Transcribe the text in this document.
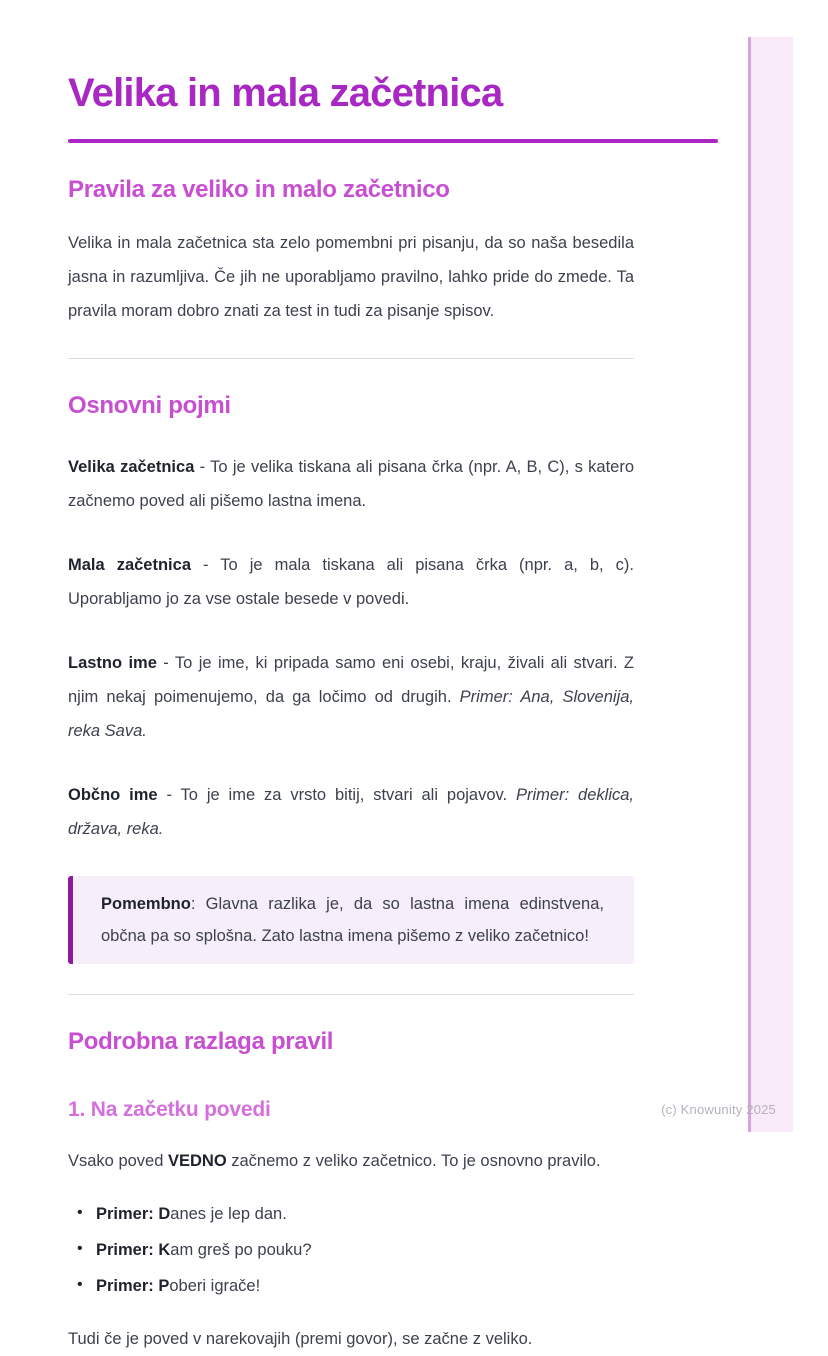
Velika in mala začetnica
Pravila za veliko in malo začetnico

Velika in mala začetnica sta zelo pomembni pri pisanju, da so naša besedila jasna in razumljiva. Če jih ne uporabljamo pravilno, lahko pride do zmede. Ta pravila moram dobro znati za test in tudi za pisanje spisov.

Osnovni pojmi

Velika začetnica - To je velika tiskana ali pisana črka (npr. A, B, C), s katero začnemo poved ali pišemo lastna imena.

Mala začetnica - To je mala tiskana ali pisana črka (npr. a, b, c). Uporabljamo jo za vse ostale besede v povedi.

Lastno ime - To je ime, ki pripada samo eni osebi, kraju, živali ali stvari. Z njim nekaj poimenujemo, da ga ločimo od drugih. Primer: Ana, Slovenija, reka Sava.

Občno ime - To je ime za vrsto bitij, stvari ali pojavov. Primer: deklica, država, reka.

Pomembno: Glavna razlika je, da so lastna imena edinstvena, občna pa so splošna. Zato lastna imena pišemo z veliko začetnico!
Podrobna razlaga pravil
1. Na začetku povedi

Vsako poved VEDNO začnemo z veliko začetnico. To je osnovno pravilo.

• Primer: Danes je lep dan.
• Primer: Kam greš po pouku?
• Primer: Poberi igrače!

Tudi če je poved v narekovajih (premi govor), se začne z veliko.

(c) Knowunity 2025
